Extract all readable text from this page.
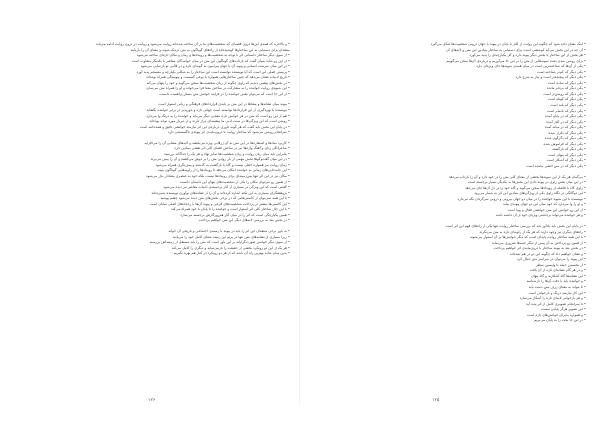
• و بالاخره که همه‌ی این‌ها درون قصه‌ای که شخصیت‌های ما بر آن ساخته شده‌اند روایت می‌شود و روایت در درون روایت ادامه می‌یابد
منتقدان برای دستیابی به این ساختارها کوشیده‌اند از راه‌های گوناگون به متن نزدیک شوند و معنای آن را بازیابند
• از سوی دیگر ساختار داستانی اثر با توجه به شخصیت‌ها و رویدادها و زمان و مکان تازه‌ای ساخته می‌شود
• از این رو شاید بتوان گفت که بازتاب‌های گوناگون این متن در میان خوانندگان معاصر با یکدیگر متفاوت است
• در این میان سرشت انسانی و پیوند آن با جهان پیرامون به گونه‌ای تازه و در قالبی نو بازنمایی می‌شود
• پرسش اصلی این است که آیا نویسنده توانسته است این ساختار را به شکلی یکپارچه و منسجم پدید آورد
• تاریخ ادبیات نشان می‌دهد که چنین ساختارهایی همواره با نوعی گسست و پیوستگی همراه بوده‌اند
• در بخش‌های پیشین دیدیم که راوی چگونه از زبان شخصیت‌ها سخن می‌گوید و خود را پنهان می‌کند
• این شیوه‌ی روایت خواننده را به مشارکت در ساختن معنا فرا می‌خواند و او را همراه متن می‌سازد
• از این جا است که می‌توان نقش خواننده را در فرایند خوانش متن بسیار پراهمیت دانست
• پیوند میان نشانه‌ها و معناها در این متن بر پایه‌ی قراردادهای فرهنگی و زبانی استوار است
• نویسنده با بهره‌گیری از این قراردادها توانسته است جهانی تازه و باورپذیر در برابر خواننده بگشاید
• هم از این رو است که متن در هر خوانش تازه معنایی دیگر می‌یابد و خواننده را به درنگ وا می‌دارد
• روشن است که این ویژگی‌ها در سنت ادبی ما پیشینه‌ای دراز دارند و از دیرباز مورد توجه بوده‌اند
• در پایان این بخش باید گفت که هر گونه داوری درباره‌ی این اثر نیازمند خوانشی دقیق و همه‌جانبه است
• سرانجام روشن می‌شود که ساختار روایت با درون‌مایه‌ی اثر پیوندی ناگسستنی دارد
• کاربرد نمادها و استعاره‌ها در این متن به آن ژرفایی ویژه می‌بخشد و لایه‌های معنایی آن را می‌افزاید
• شاعرانگی زبان و آهنگ واژه‌ها نیز در ساختن فضای کلی اثر نقشی بنیادین دارد
• بنابراین باید میان زبان روایت و زبان شخصیت‌ها تمایز نهاد و هر یک را جداگانه بررسید
• در این میان گفت‌وگوها بخش مهمی از بار روایی متن را بر دوش می‌کشند و آن را پیش می‌برند
• زمان روایت نیز همواره خطی نیست و گاه با بازگشت به گذشته و پیش‌نگری همراه می‌شود
• این جابه‌جایی‌های زمانی به خواننده امکان می‌دهد تا رویدادها را از زاویه‌هایی گوناگون ببیند
• مکان نیز در این اثر تنها پس‌زمینه‌ای برای رویدادها نیست بلکه خود به عنصری معنادار بدل می‌شود
• از همین رو می‌توان مکان را یکی از شخصیت‌های پنهان این داستان دانست
• گفتنی است که این ویژگی در بسیاری از آثار برجسته‌ی ادبیات معاصر نیز دیده می‌شود
• پژوهشگران بسیاری به این نکته اشاره کرده‌اند و آن را از نشانه‌های نوآوری نویسنده شمرده‌اند
• با این همه نمی‌توان از کاستی‌هایی که در برخی بخش‌های متن دیده می‌شود چشم پوشید
• این کاستی‌ها بیشتر در پرداخت شخصیت‌های فرعی و پیوند آن‌ها با رخدادهای اصلی نمایان است
• با این حال ساختار کلی اثر استوار است و خواننده را تا پایان با خود همراه می‌کند
• همین یکپارچگی است که اثر را در میان آثار هم‌روزگارش برجسته می‌سازد
• در بخش بعد به بررسی لایه‌های دیگر این متن خواهیم پرداخت
• به باور برخی منتقدان این اثر را باید در پیوند با زمینه‌ی اجتماعی و تاریخی آن خواند
• زیرا بسیاری از نشانه‌های متن تنها در پرتو این زمینه معنای کامل خود را می‌یابند
• از سوی دیگر خوانش صورت‌گرایانه بر این باور است که متن را باید مستقل از زمینه‌اش بررسید
• هر یک از این دو رویکرد بخشی از حقیقت را بازمی‌نماید و دیگری را کامل می‌کند
• بدین سان شاید بهترین راه آن باشد که از هر دو رویکرد در کنار هم بهره بگیریم
۱۲۶
• اینک نشان داده شود که چگونه این روایت از آغاز تا پایان در پیوند با جهان درونی شخصیت‌ها شکل می‌گیرد
• آن چه در این بخش می‌آید کوششی است برای دستیابی به ساختار بنیادین این متن و لایه‌های آن
• هر بخش از این ساختار با بخش دیگر پیوند دارد و کل یکپارچه‌ای را پدید می‌آورد
• برای روشن شدن بحث نمونه‌هایی از متن را در این جا می‌آوریم و درباره‌ی آن‌ها سخن می‌گوییم
• یکی از آن‌ها که شناخته‌ترین است در میان همه‌ی نمونه‌ها جای ویژه‌ای دارد
• یکی دیگر که کم‌تر شناخته است
• یکی دیگر که پیچیده‌تر است و نیاز به شرح دارد
• یکی دیگر که ساده است
• یکی دیگر که بی‌نام مانده
• یکی دیگر که روشن‌تر است
• یکی دیگر که کوتاه است
• یکی دیگر که بلند است
• یکی دیگر که ناتمام است
• یکی دیگر که در پایان آمده
• یکی دیگر که در آغاز آمده
• یکی دیگر که در میانه آمده
• یکی دیگر که تکرار شده
• یکی دیگر که دگرگون شده
• یکی دیگر که فراموش شده
• یکی دیگر که بازگشته
• یکی دیگر که پنهان است
• یکی دیگر که آشکار است
• یکی دیگر که در متن اصلی نیامده است
• بی‌گمان هر یک از این نمونه‌ها بخشی از معنای کلی متن را در خود دارد و آن را بازتاب می‌دهد
• در این میان نقش راوی در پیوند دادن این بخش‌ها به یکدیگر بسیار برجسته است
• راوی گاه با فاصله از رویدادها سخن می‌گوید و گاه خود را در دل آن‌ها جای می‌دهد
• این دوگانگی در نگاه راوی یکی از ویژگی‌های بنیادین این اثر به شمار می‌رود
• نویسنده با این شیوه خواننده را در میان دو جهان بیرونی و درونی سرگردان نگه می‌دارد
• و او را وا می‌دارد که خود میان این دو جهان پیوندی بیابد
• از این رو خوانش این متن خوانشی فعال و پویا است
• و هر خواننده می‌تواند برداشتی ویژه‌ی خود از آن داشته باشد
• در پایان این بخش باید یادآور شد که بررسی ساختار روایت تنها یکی از راه‌های فهم این اثر است
• راه‌های دیگری نیز وجود دارند که هر یک از زاویه‌ای تازه به متن می‌نگرند
• با این همه ساختار روایت پایه‌ای است که دیگر خوانش‌ها بر آن استوار می‌شوند
• از همین رو پرداختن به آن پیش از دیگر جنبه‌ها ضروری می‌نماید
• در بخش بعد به پیوند ساختار با درون‌مایه‌ی اثر خواهیم پرداخت
• و نشان خواهیم داد که چگونه این دو در هم تنیده‌اند
• این پیوند را می‌توان در سراسر متن دنبال کرد
• از نخستین جمله تا واپسین سطر
• و در هر گام نشانه‌ای تازه از آن یافت
• این نشانه‌ها گاه آشکارند و گاه پنهان
• و خواننده باید با دقت آن‌ها را بازشناسد
• تا بتواند به معنای ژرف متن دست یابد
• این کار نیازمند درنگ و بازخوانی است
• و هر بازخوانی لایه‌ای تازه را آشکار می‌سازد
• تا سرانجام تصویری کامل از اثر پدید آید
• این تصویر هرگز پایانی نیست
• و همواره پذیرای خوانش‌های تازه است
• در این جا بحث را به پایان می‌بریم
۱۲۵
